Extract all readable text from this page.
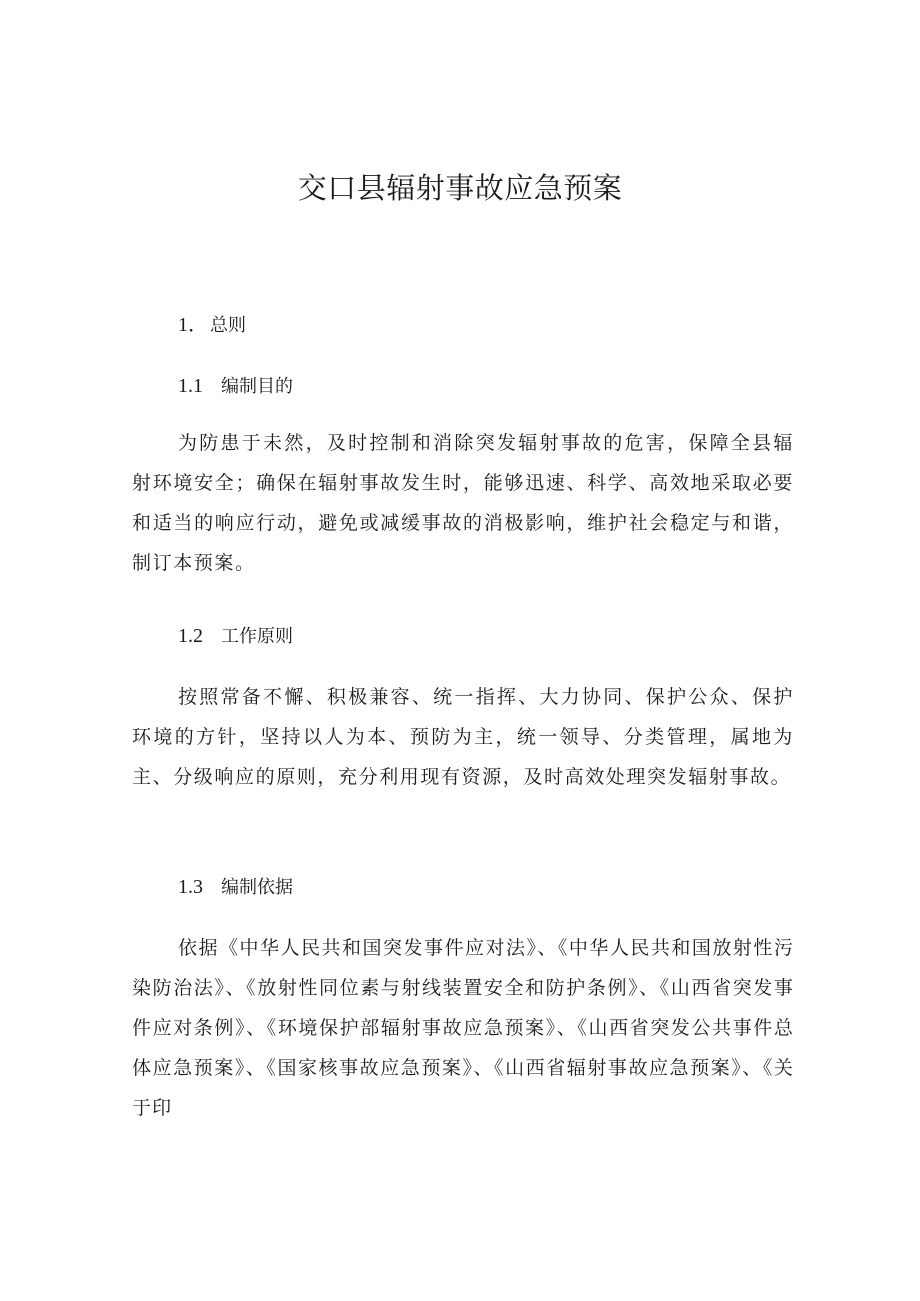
交口县辐射事故应急预案
1． 总则
1.1 编制目的

为防患于未然，及时控制和消除突发辐射事故的危害，保障全县辐射环境安全；确保在辐射事故发生时，能够迅速、科学、高效地采取必要和适当的响应行动，避免或减缓事故的消极影响，维护社会稳定与和谐，制订本预案。

1.2 工作原则

按照常备不懈、积极兼容、统一指挥、大力协同、保护公众、保护环境的方针，坚持以人为本、预防为主，统一领导、分类管理，属地为主、分级响应的原则，充分利用现有资源，及时高效处理突发辐射事故。

1.3 编制依据

依据《中华人民共和国突发事件应对法》、《中华人民共和国放射性污染防治法》、《放射性同位素与射线装置安全和防护条例》、《山西省突发事件应对条例》、《环境保护部辐射事故应急预案》、《山西省突发公共事件总体应急预案》、《国家核事故应急预案》、《山西省辐射事故应急预案》、《关于印
